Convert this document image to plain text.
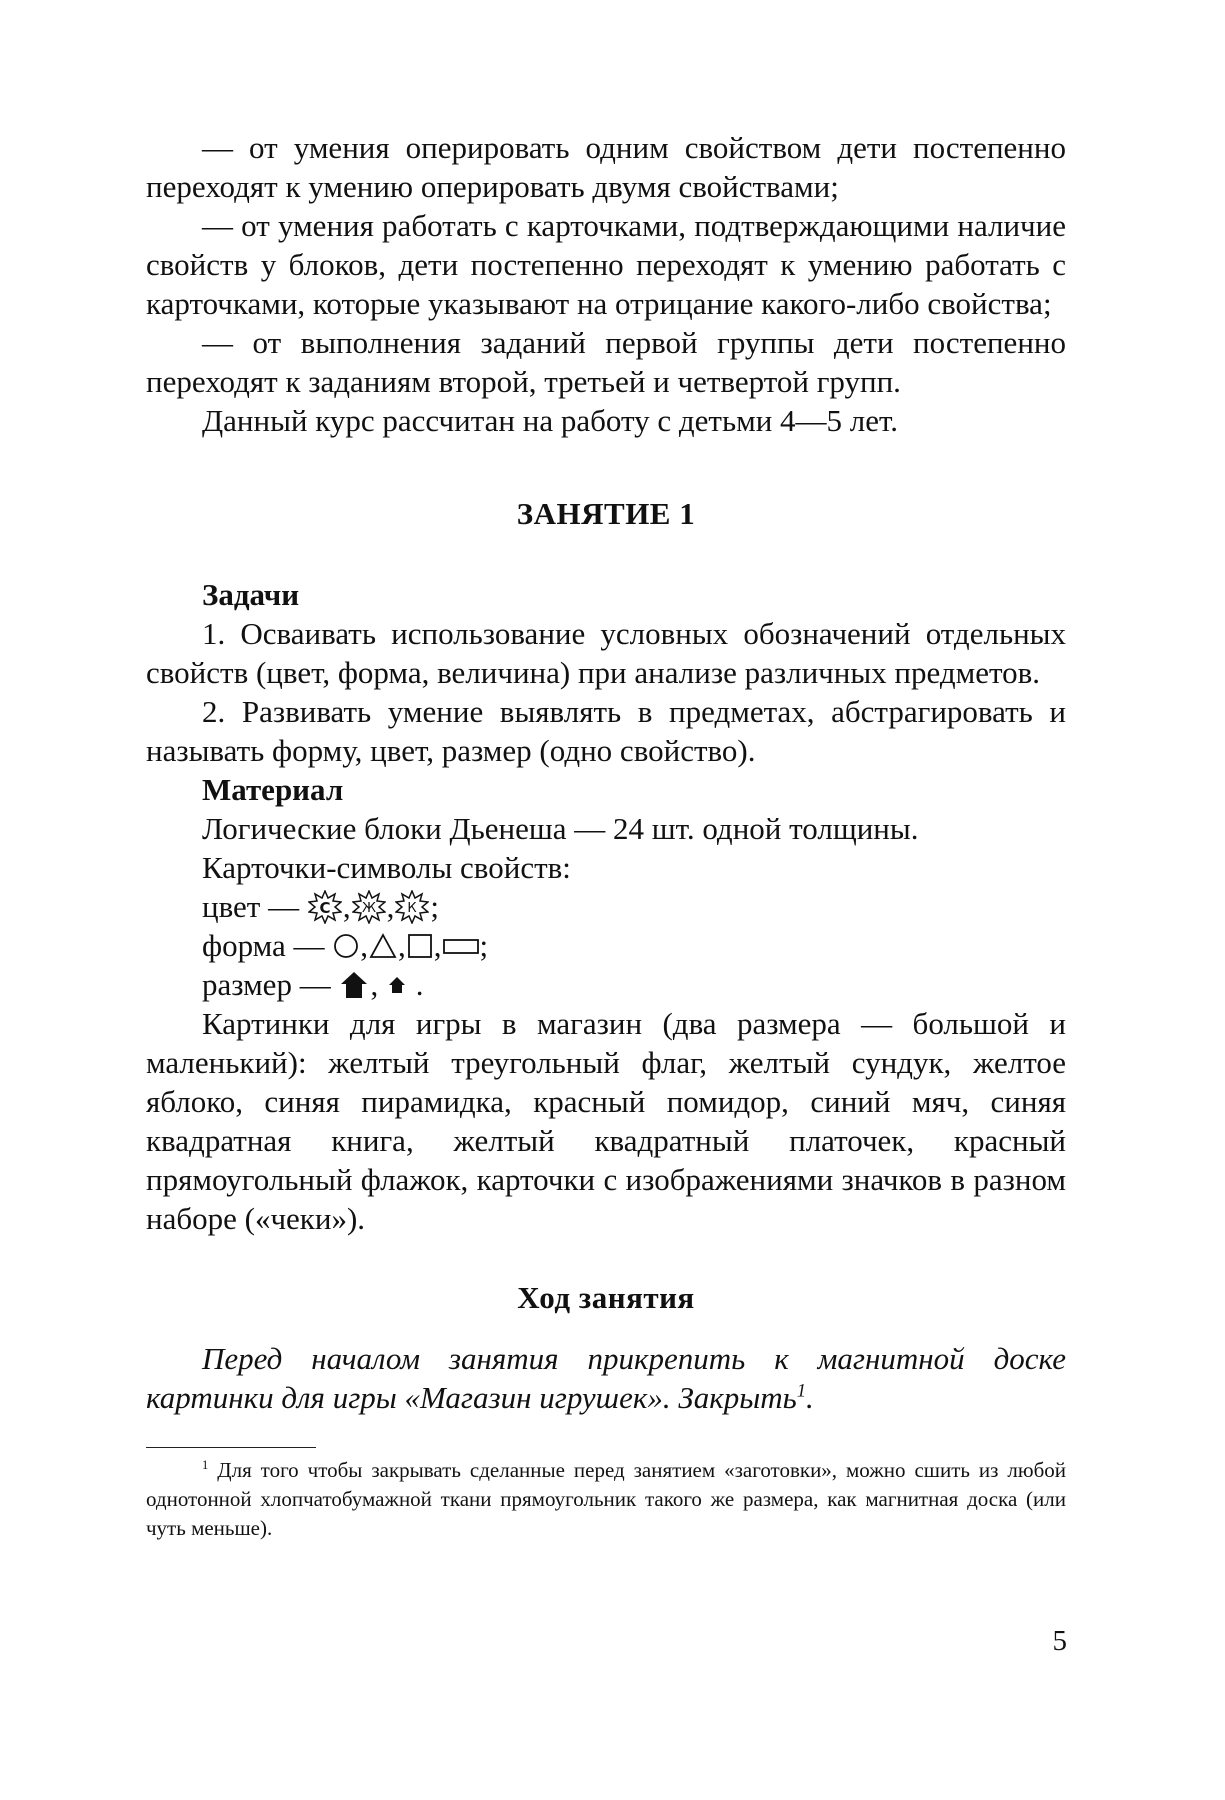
— от умения оперировать одним свойством дети постепенно переходят к умению оперировать двумя свойствами;

— от умения работать с карточками, подтверждающими наличие свойств у блоков, дети постепенно переходят к умению работать с карточками, которые указывают на отрицание какого-либо свойства;

— от выполнения заданий первой группы дети постепенно переходят к заданиям второй, третьей и четвертой групп.

Данный курс рассчитан на работу с детьми 4—5 лет.

ЗАНЯТИЕ 1

Задачи

1. Осваивать использование условных обозначений отдельных свойств (цвет, форма, величина) при анализе различных предметов.

2. Развивать умение выявлять в предметах, абстрагировать и называть форму, цвет, размер (одно свойство).

Материал

Логические блоки Дьенеша — 24 шт. одной толщины.

Карточки-символы свойств:

цвет —
С , Ж , К ;
форма —
,
,
,
;
размер —
,
.

Картинки для игры в магазин (два размера — большой и маленький): желтый треугольный флаг, желтый сундук, желтое яблоко, синяя пирамидка, красный помидор, синий мяч, синяя квадратная книга, желтый квадратный платочек, красный прямоугольный флажок, карточки с изображениями значков в разном наборе («чеки»).

Ход занятия

Перед началом занятия прикрепить к магнитной доске картинки для игры «Магазин игрушек». Закрыть$^1$.

$^1$ Для того чтобы закрывать сделанные перед занятием «заготовки», можно сшить из любой однотонной хлопчатобумажной ткани прямоугольник такого же размера, как магнитная доска (или чуть меньше).

5
